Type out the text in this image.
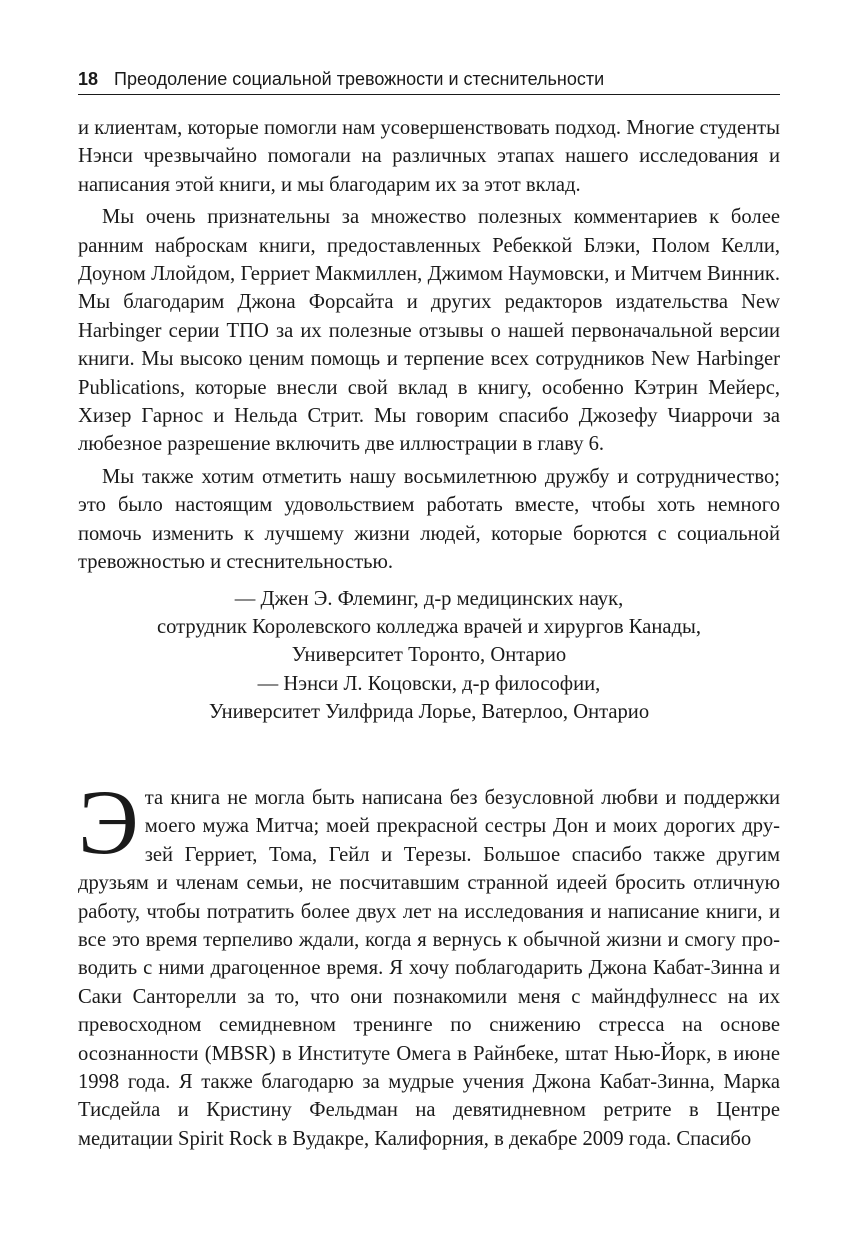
18 Преодоление социальной тревожности и стеснительности

и клиентам, которые помогли нам усовершенствовать подход. Многие студенты Нэнси чрезвычайно помогали на различных этапах нашего исследования и написания этой книги, и мы благодарим их за этот вклад.

Мы очень признательны за множество полезных комментариев к более ранним наброскам книги, предоставленных Ребеккой Блэки, Полом Келли, Доуном Ллойдом, Герриет Макмиллен, Джимом Наумовски, и Митчем Винник. Мы благодарим Джона Форсайта и других редакторов издательства New Harbinger серии ТПО за их полезные отзывы о нашей первоначальной версии книги. Мы высоко ценим помощь и терпение всех сотрудников New Harbinger Publications, которые внесли свой вклад в книгу, особенно Кэтрин Мейерс, Хизер Гарнос и Нельда Стрит. Мы говорим спасибо Джозефу Чиаррочи за любезное разрешение включить две иллюстрации в главу 6.

Мы также хотим отметить нашу восьмилетнюю дружбу и сотрудничество; это было настоящим удовольствием работать вместе, чтобы хоть немного помочь изменить к лучшему жизни людей, которые борются с социальной тревожностью и стеснительностью.

— Джен Э. Флеминг, д-р медицинских наук,
сотрудник Королевского колледжа врачей и хирургов Канады,
Университет Торонто, Онтарио
— Нэнси Л. Коцовски, д-р философии,
Университет Уилфрида Лорье, Ватерлоо, Онтарио

Эта книга не могла быть написана без безусловной любви и поддержки моего мужа Митча; моей прекрасной сестры Дон и моих дорогих друзей Герриет, Тома, Гейл и Терезы. Большое спасибо также другим друзьям и членам семьи, не посчитавшим странной идеей бросить отличную работу, чтобы потратить более двух лет на исследования и написание книги, и все это время терпеливо ждали, когда я вернусь к обычной жизни и смогу проводить с ними драгоценное время. Я хочу поблагодарить Джона Кабат-Зинна и Саки Санторелли за то, что они познакомили меня с майндфулнесс на их превосходном семидневном тренинге по снижению стресса на основе осознанности (MBSR) в Институте Омега в Райнбеке, штат Нью-Йорк, в июне 1998 года. Я также благодарю за мудрые учения Джона Кабат-Зинна, Марка Тисдейла и Кристину Фельдман на девятидневном ретрите в Центре медитации Spirit Rock в Вудакре, Калифорния, в декабре 2009 года. Спасибо
